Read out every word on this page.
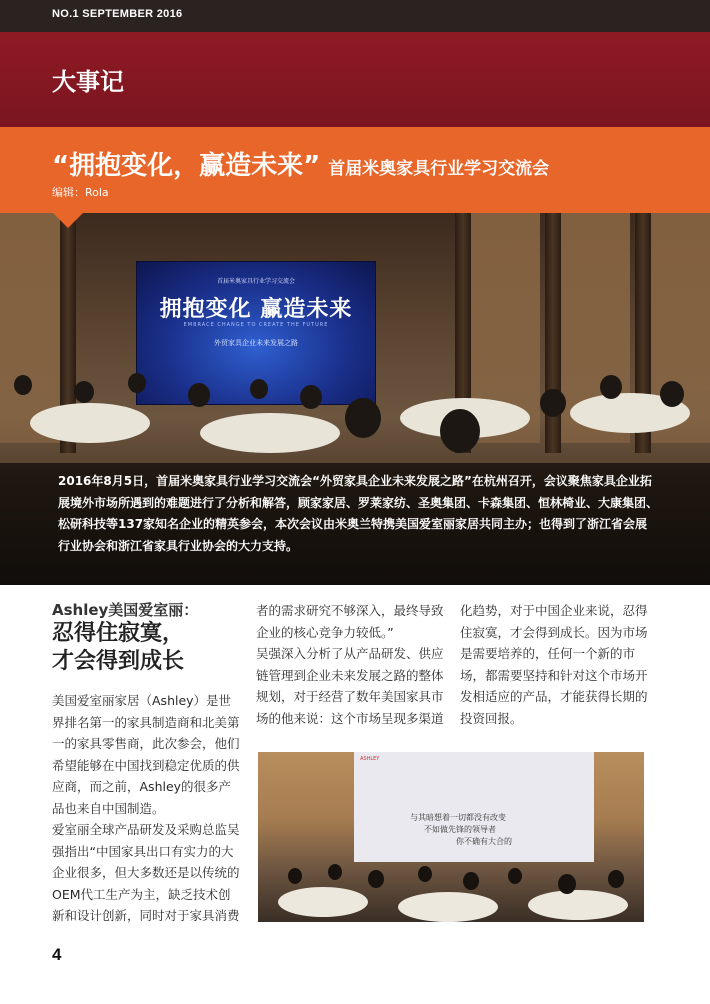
NO.1 SEPTEMBER 2016
大事记
“拥抱变化，赢造未来” 首届米奥家具行业学习交流会
编辑：Rola
首届米奥家具行业学习交流会
拥抱变化 赢造未来
EMBRACE CHANGE TO CREATE THE FUTURE
外贸家具企业未来发展之路
2016年8月5日，首届米奥家具行业学习交流会“外贸家具企业未来发展之路”在杭州召开，会议聚焦家具企业拓展境外市场所遇到的难题进行了分析和解答，顾家家居、罗莱家纺、圣奥集团、卡森集团、恒林椅业、大康集团、松研科技等137家知名企业的精英参会，本次会议由米奥兰特携美国爱室丽家居共同主办；也得到了浙江省会展行业协会和浙江省家具行业协会的大力支持。
Ashley美国爱室丽：
忍得住寂寞，
才会得到成长

美国爱室丽家居（Ashley）是世界排名第一的家具制造商和北美第一的家具零售商，此次参会，他们希望能够在中国找到稳定优质的供应商，而之前，Ashley的很多产品也来自中国制造。

爱室丽全球产品研发及采购总监吴强指出“中国家具出口有实力的大企业很多，但大多数还是以传统的OEM代工生产为主，缺乏技术创新和设计创新，同时对于家具消费

者的需求研究不够深入，最终导致企业的核心竞争力较低。”

吴强深入分析了从产品研发、供应链管理到企业未来发展之路的整体规划，对于经营了数年美国家具市场的他来说：这个市场呈现多渠道

化趋势，对于中国企业来说，忍得住寂寞，才会得到成长。因为市场是需要培养的，任何一个新的市场，都需要坚持和针对这个市场开发相适应的产品，才能获得长期的投资回报。

ASHLEY
与其暗想着一切都没有改变
不如做先锋的领导者
你不确有大合的
4
